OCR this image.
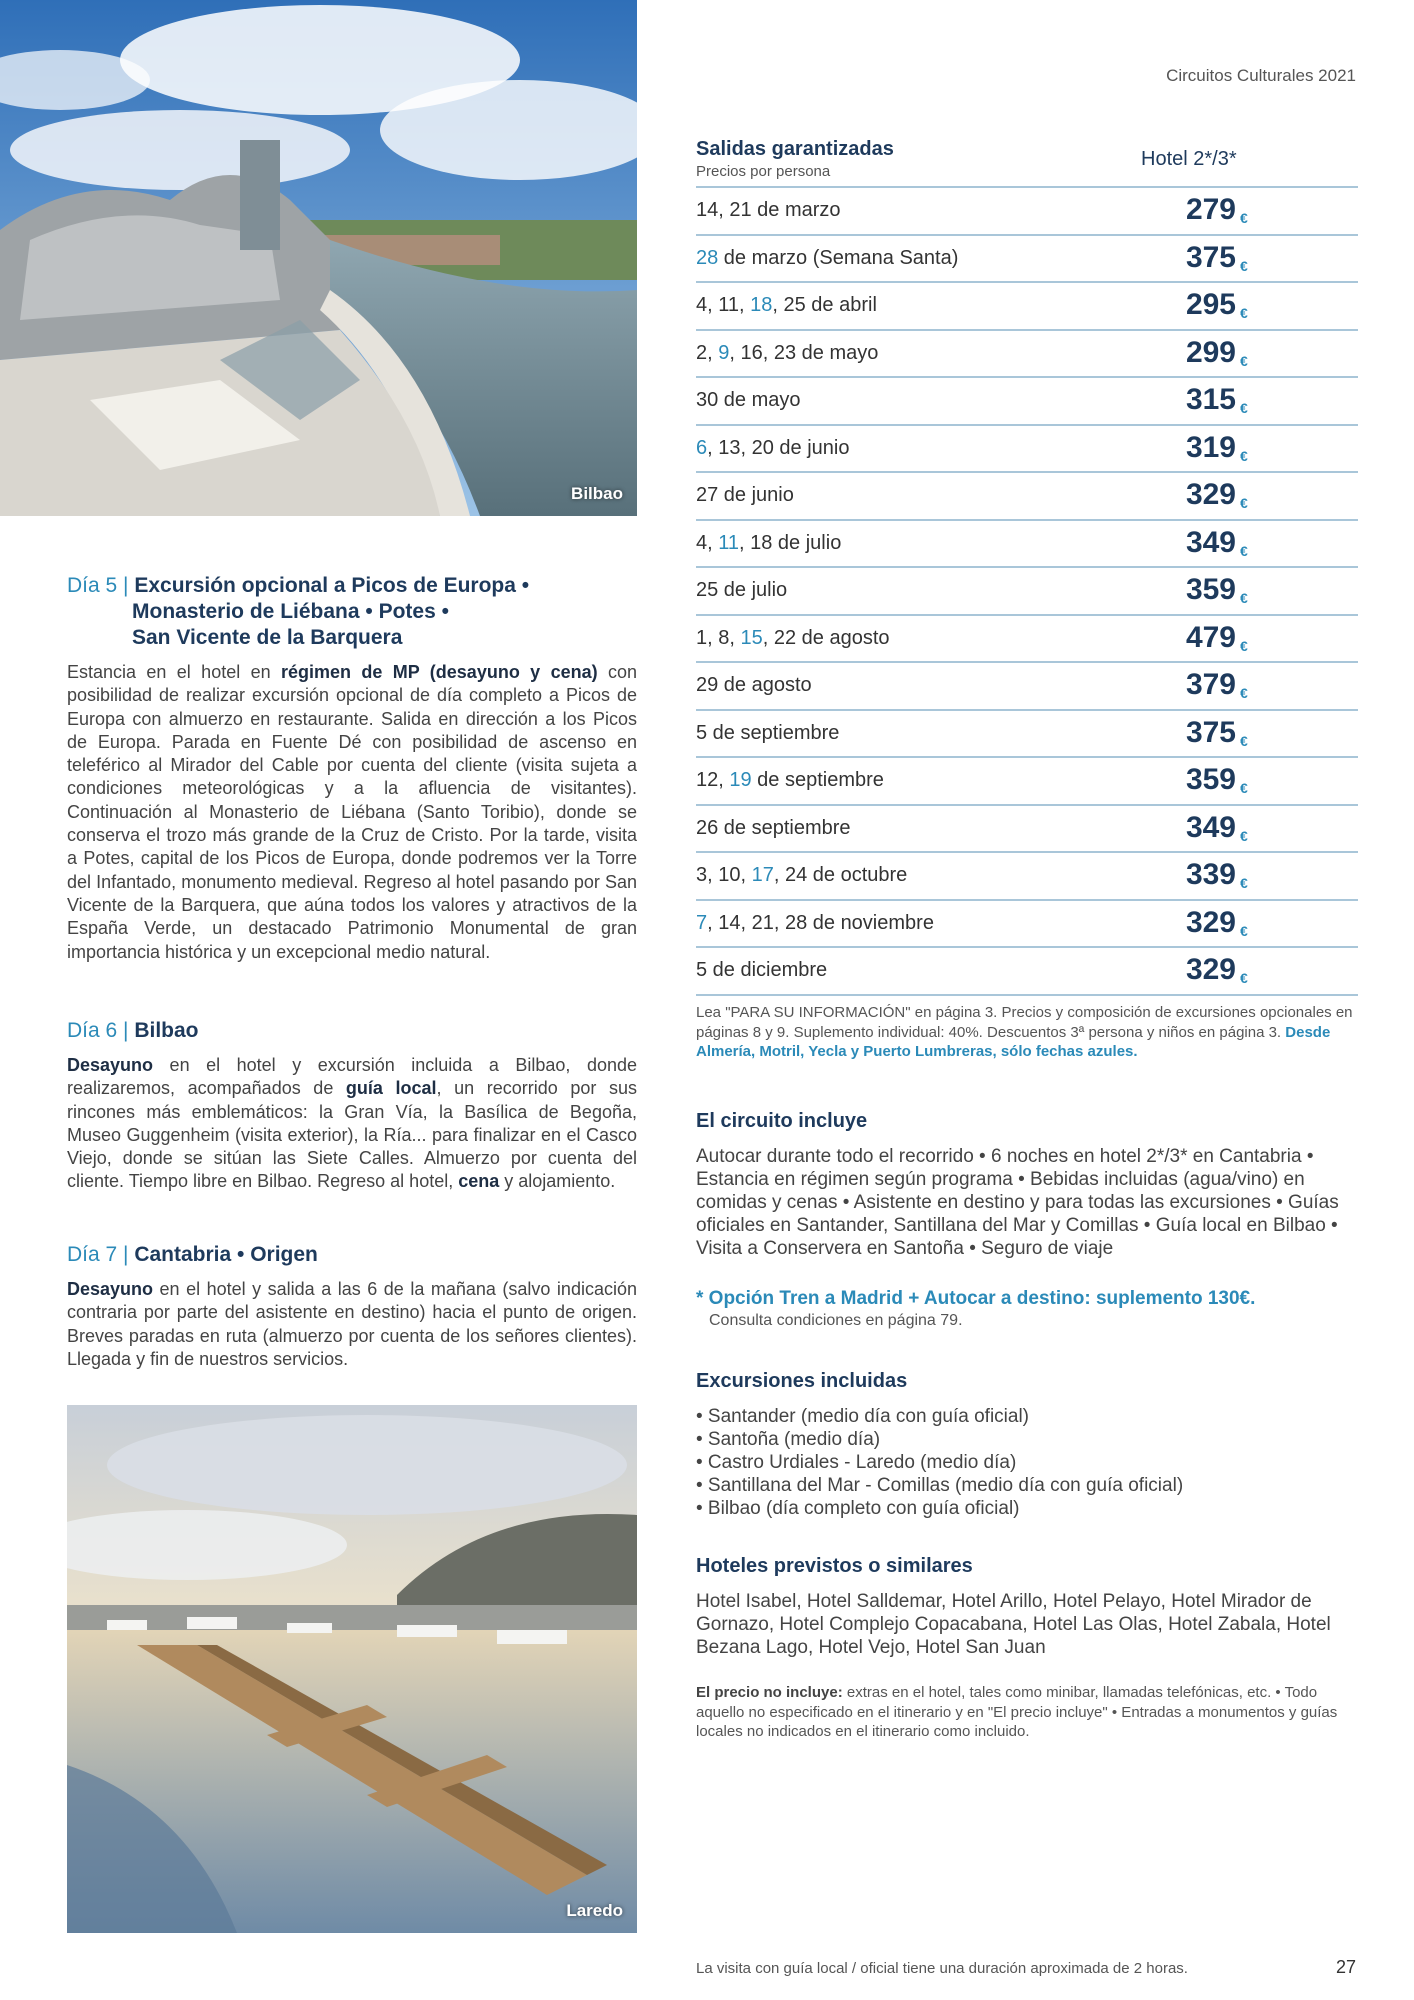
Circuitos Culturales 2021
Bilbao
Día 5 | Excursión opcional a Picos de Europa •
Monasterio de Liébana • Potes •
San Vicente de la Barquera

Estancia en el hotel en régimen de MP (desayuno y cena) con posibilidad de realizar excursión opcional de día completo a Picos de Europa con almuerzo en restaurante. Salida en dirección a los Picos de Europa. Parada en Fuente Dé con posibilidad de ascenso en teleférico al Mirador del Cable por cuenta del cliente (visita sujeta a condiciones meteorológicas y a la afluencia de visitantes). Continuación al Monasterio de Liébana (Santo Toribio), donde se conserva el trozo más grande de la Cruz de Cristo. Por la tarde, visita a Potes, capital de los Picos de Europa, donde podremos ver la Torre del Infantado, monumento medieval. Regreso al hotel pasando por San Vicente de la Barquera, que aúna todos los valores y atractivos de la España Verde, un destacado Patrimonio Monumental de gran importancia histórica y un excepcional medio natural.

Día 6 | Bilbao

Desayuno en el hotel y excursión incluida a Bilbao, donde realizaremos, acompañados de guía local, un recorrido por sus rincones más emblemáticos: la Gran Vía, la Basílica de Begoña, Museo Guggenheim (visita exterior), la Ría... para finalizar en el Casco Viejo, donde se sitúan las Siete Calles. Almuerzo por cuenta del cliente. Tiempo libre en Bilbao. Regreso al hotel, cena y alojamiento.

Día 7 | Cantabria • Origen

Desayuno en el hotel y salida a las 6 de la mañana (salvo indicación contraria por parte del asistente en destino) hacia el punto de origen. Breves paradas en ruta (almuerzo por cuenta de los señores clientes). Llegada y fin de nuestros servicios.

Laredo
Salidas garantizadas
Precios por persona
Hotel 2*/3*
14, 21 de marzo	279 €
28 de marzo (Semana Santa)	375 €
4, 11, 18, 25 de abril	295 €
2, 9, 16, 23 de mayo	299 €
30 de mayo	315 €
6, 13, 20 de junio	319 €
27 de junio	329 €
4, 11, 18 de julio	349 €
25 de julio	359 €
1, 8, 15, 22 de agosto	479 €
29 de agosto	379 €
5 de septiembre	375 €
12, 19 de septiembre	359 €
26 de septiembre	349 €
3, 10, 17, 24 de octubre	339 €
7, 14, 21, 28 de noviembre	329 €
5 de diciembre	329 €
Lea "PARA SU INFORMACIÓN" en página 3. Precios y composición de excursiones opcionales en páginas 8 y 9. Suplemento individual: 40%. Descuentos 3ª persona y niños en página 3. Desde Almería, Motril, Yecla y Puerto Lumbreras, sólo fechas azules.
El circuito incluye
Autocar durante todo el recorrido • 6 noches en hotel 2*/3* en Cantabria • Estancia en régimen según programa • Bebidas incluidas (agua/vino) en comidas y cenas • Asistente en destino y para todas las excursiones • Guías oficiales en Santander, Santillana del Mar y Comillas • Guía local en Bilbao • Visita a Conservera en Santoña • Seguro de viaje
* Opción Tren a Madrid + Autocar a destino: suplemento 130€.
Consulta condiciones en página 79.
Excursiones incluidas
• Santander (medio día con guía oficial)
• Santoña (medio día)
• Castro Urdiales - Laredo (medio día)
• Santillana del Mar - Comillas (medio día con guía oficial)
• Bilbao (día completo con guía oficial)
Hoteles previstos o similares
Hotel Isabel, Hotel Salldemar, Hotel Arillo, Hotel Pelayo, Hotel Mirador de Gornazo, Hotel Complejo Copacabana, Hotel Las Olas, Hotel Zabala, Hotel Bezana Lago, Hotel Vejo, Hotel San Juan
El precio no incluye: extras en el hotel, tales como minibar, llamadas telefónicas, etc. • Todo aquello no especificado en el itinerario y en "El precio incluye" • Entradas a monumentos y guías locales no indicados en el itinerario como incluido.
La visita con guía local / oficial tiene una duración aproximada de 2 horas.	27
